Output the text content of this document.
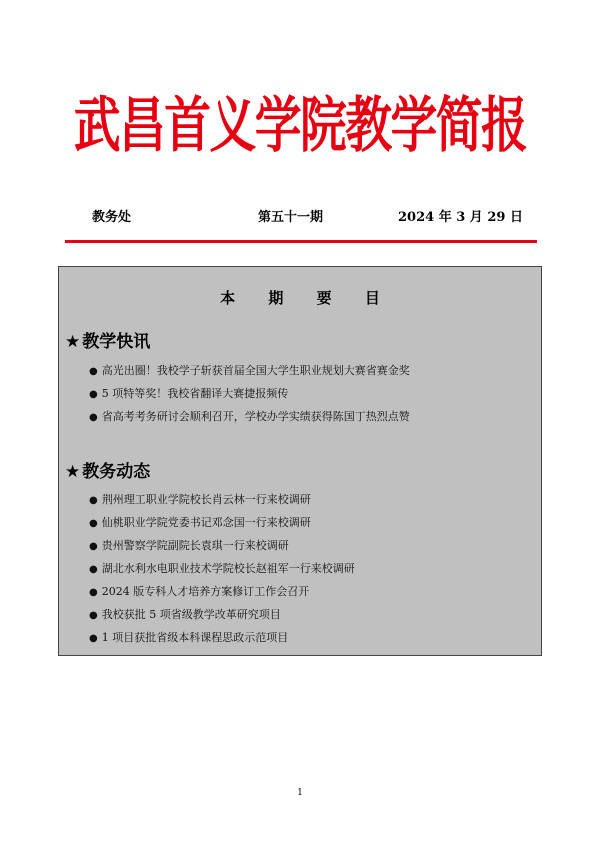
武昌首义学院教学简报
教务处	第五十一期	2024 年 3 月 29 日
本 期 要 目
★ 教学快讯
● 高光出圈！我校学子斩获首届全国大学生职业规划大赛省赛金奖
● 5 项特等奖！我校省翻译大赛捷报频传
● 省高考考务研讨会顺利召开，学校办学实绩获得陈国丁热烈点赞
★ 教务动态
● 荆州理工职业学院校长肖云林一行来校调研
● 仙桃职业学院党委书记邓念国一行来校调研
● 贵州警察学院副院长袁琪一行来校调研
● 湖北水利水电职业技术学院校长赵祖军一行来校调研
● 2024 版专科人才培养方案修订工作会召开
● 我校获批 5 项省级教学改革研究项目
● 1 项目获批省级本科课程思政示范项目
1
